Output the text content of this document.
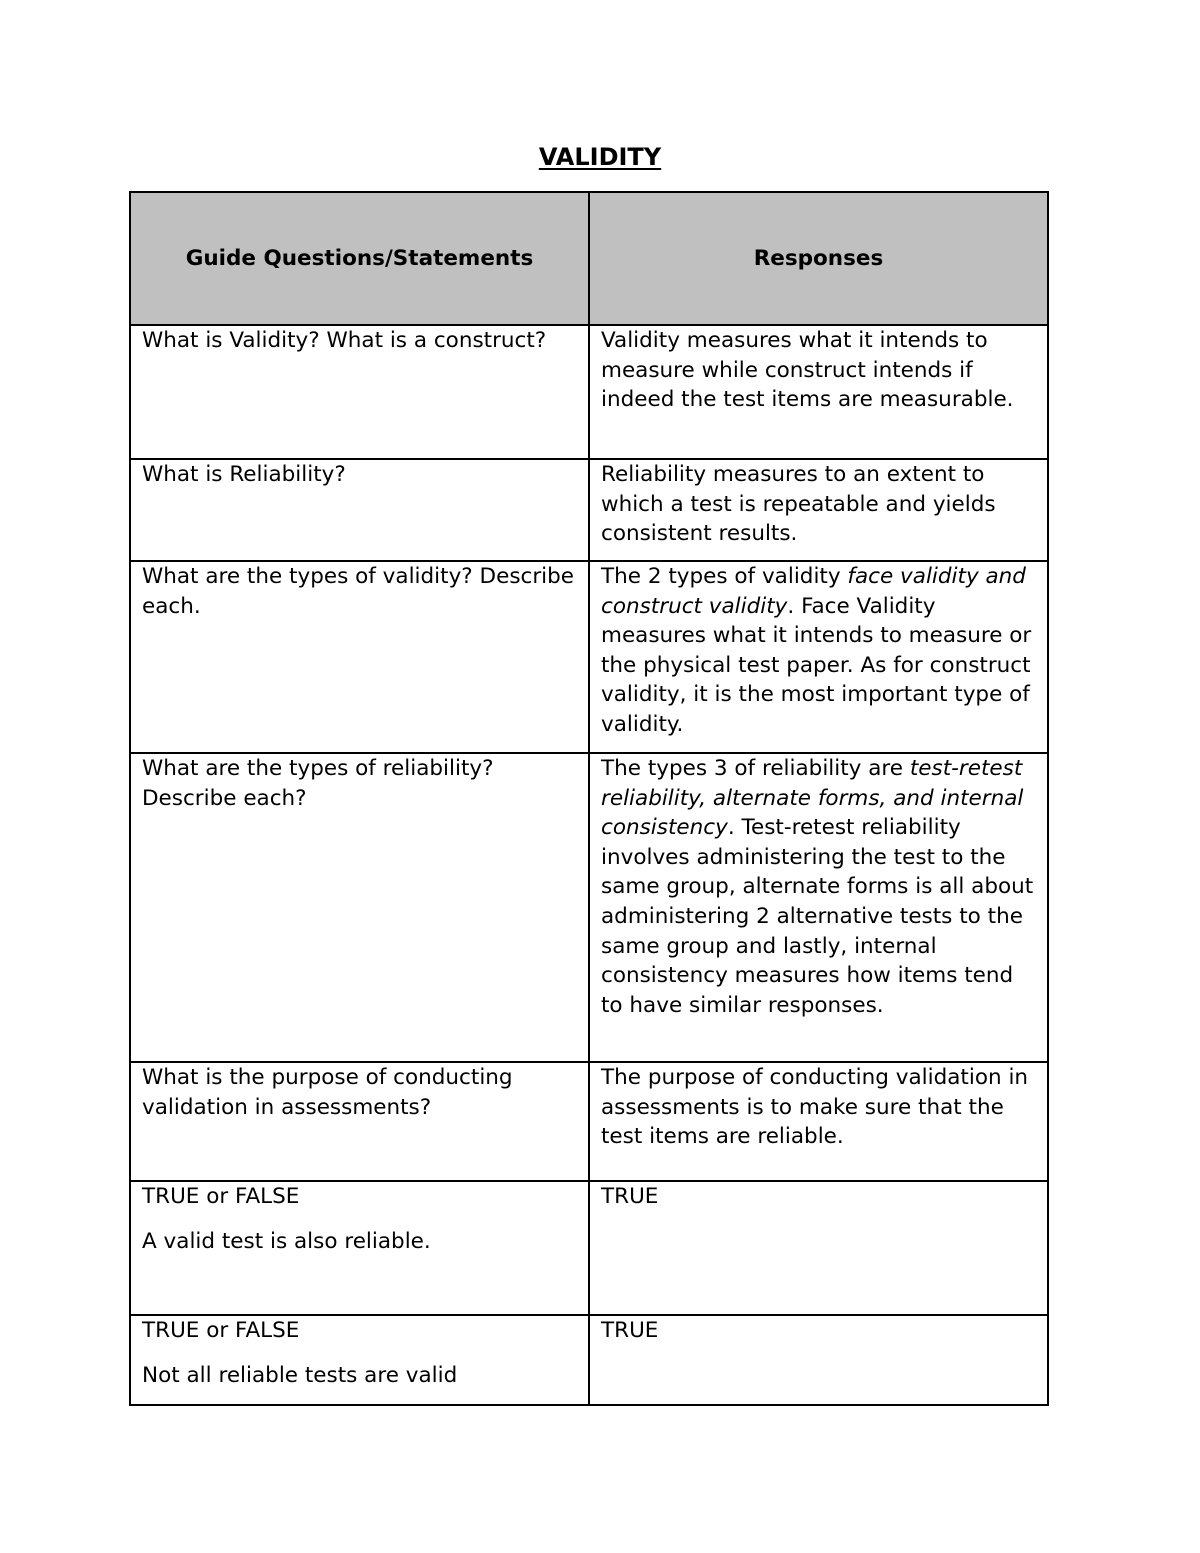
VALIDITY
Guide Questions/Statements	Responses

What is Validity? What is a construct?	Validity measures what it intends to measure while construct intends if indeed the test items are measurable.

What is Reliability?	Reliability measures to an extent to which a test is repeatable and yields consistent results.

What are the types of validity? Describe each.	The 2 types of validity face validity and construct validity. Face Validity measures what it intends to measure or the physical test paper. As for construct validity, it is the most important type of validity.

What are the types of reliability? Describe each?	The types 3 of reliability are test-retest reliability, alternate forms, and internal consistency. Test-retest reliability involves administering the test to the same group, alternate forms is all about administering 2 alternative tests to the same group and lastly, internal consistency measures how items tend to have similar responses.

What is the purpose of conducting validation in assessments?	The purpose of conducting validation in assessments is to make sure that the test items are reliable.

TRUE or FALSE
A valid test is also reliable.	TRUE

TRUE or FALSE
Not all reliable tests are valid	TRUE
